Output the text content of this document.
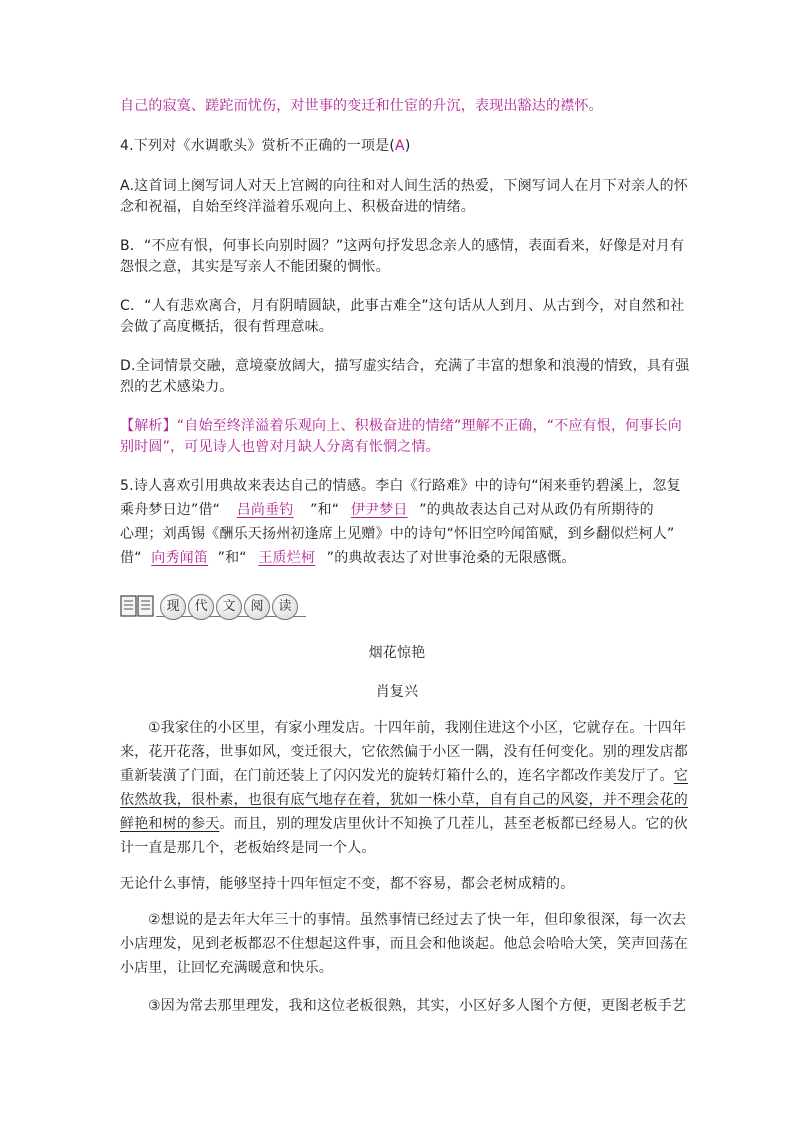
自己的寂寞、蹉跎而忧伤，对世事的变迁和仕宦的升沉，表现出豁达的襟怀。
4.下列对《水调歌头》赏析不正确的一项是(A)
A.这首词上阕写词人对天上宫阙的向往和对人间生活的热爱，下阕写词人在月下对亲人的怀
念和祝福，自始至终洋溢着乐观向上、积极奋进的情绪。
B．“不应有恨，何事长向别时圆？”这两句抒发思念亲人的感情，表面看来，好像是对月有
怨恨之意，其实是写亲人不能团聚的惆怅。
C．“人有悲欢离合，月有阴晴圆缺，此事古难全”这句话从人到月、从古到今，对自然和社
会做了高度概括，很有哲理意味。
D.全词情景交融，意境豪放阔大，描写虚实结合，充满了丰富的想象和浪漫的情致，具有强
烈的艺术感染力。
【解析】“自始至终洋溢着乐观向上、积极奋进的情绪”理解不正确，“不应有恨，何事长向
别时圆”，可见诗人也曾对月缺人分离有怅惘之情。
5.诗人喜欢引用典故来表达自己的情感。李白《行路难》中的诗句“闲来垂钓碧溪上，忽复
乘舟梦日边”借“ 吕尚垂钓 ”和“ 伊尹梦日 ”的典故表达自己对从政仍有所期待的
心理；刘禹锡《酬乐天扬州初逢席上见赠》中的诗句“怀旧空吟闻笛赋，到乡翻似烂柯人”
借“ 向秀闻笛 ”和“ 王质烂柯 ”的典故表达了对世事沧桑的无限感慨。
现	代	文	阅	读
烟花惊艳
肖复兴
①我家住的小区里，有家小理发店。十四年前，我刚住进这个小区，它就存在。十四年
来，花开花落，世事如风，变迁很大，它依然偏于小区一隅，没有任何变化。别的理发店都
重新装潢了门面，在门前还装上了闪闪发光的旋转灯箱什么的，连名字都改作美发厅了。它
依然故我，很朴素，也很有底气地存在着，犹如一株小草，自有自己的风姿，并不理会花的
鲜艳和树的参天。而且，别的理发店里伙计不知换了几茬儿，甚至老板都已经易人。它的伙
计一直是那几个，老板始终是同一个人。
无论什么事情，能够坚持十四年恒定不变，都不容易，都会老树成精的。
②想说的是去年大年三十的事情。虽然事情已经过去了快一年，但印象很深，每一次去
小店理发，见到老板都忍不住想起这件事，而且会和他谈起。他总会哈哈大笑，笑声回荡在
小店里，让回忆充满暖意和快乐。
③因为常去那里理发，我和这位老板很熟，其实，小区好多人图个方便，更图老板手艺
